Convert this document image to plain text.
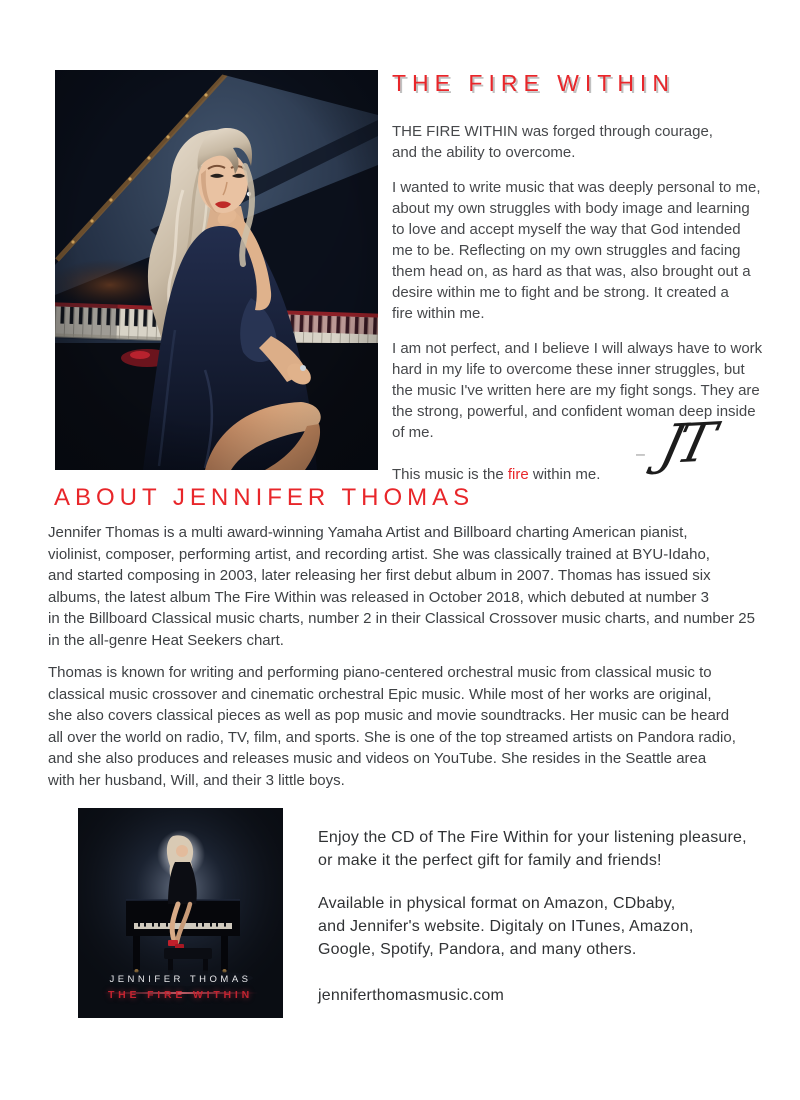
THE FIRE WITHIN

THE FIRE WITHIN was forged through courage,
and the ability to overcome.

I wanted to write music that was deeply personal to me,
about my own struggles with body image and learning
to love and accept myself the way that God intended
me to be. Reflecting on my own struggles and facing
them head on, as hard as that was, also brought out a
desire within me to fight and be strong. It created a
fire within me.

I am not perfect, and I believe I will always have to work
hard in my life to overcome these inner struggles, but
the music I've written here are my fight songs. They are
the strong, powerful, and confident woman deep inside
of me.

This music is the fire within me.

– JT
ABOUT JENNIFER THOMAS

Jennifer Thomas is a multi award-winning Yamaha Artist and Billboard charting American pianist,
violinist, composer, performing artist, and recording artist. She was classically trained at BYU-Idaho,
and started composing in 2003, later releasing her first debut album in 2007. Thomas has issued six
albums, the latest album The Fire Within was released in October 2018, which debuted at number 3
in the Billboard Classical music charts, number 2 in their Classical Crossover music charts, and number 25
in the all-genre Heat Seekers chart.

Thomas is known for writing and performing piano-centered orchestral music from classical music to
classical music crossover and cinematic orchestral Epic music. While most of her works are original,
she also covers classical pieces as well as pop music and movie soundtracks. Her music can be heard
all over the world on radio, TV, film, and sports. She is one of the top streamed artists on Pandora radio,
and she also produces and releases music and videos on YouTube. She resides in the Seattle area
with her husband, Will, and their 3 little boys.

JENNIFER THOMAS
THE FIRE WITHIN

Enjoy the CD of The Fire Within for your listening pleasure,
or make it the perfect gift for family and friends!

Available in physical format on Amazon, CDbaby,
and Jennifer's website. Digitaly on ITunes, Amazon,
Google, Spotify, Pandora, and many others.

jenniferthomasmusic.com
